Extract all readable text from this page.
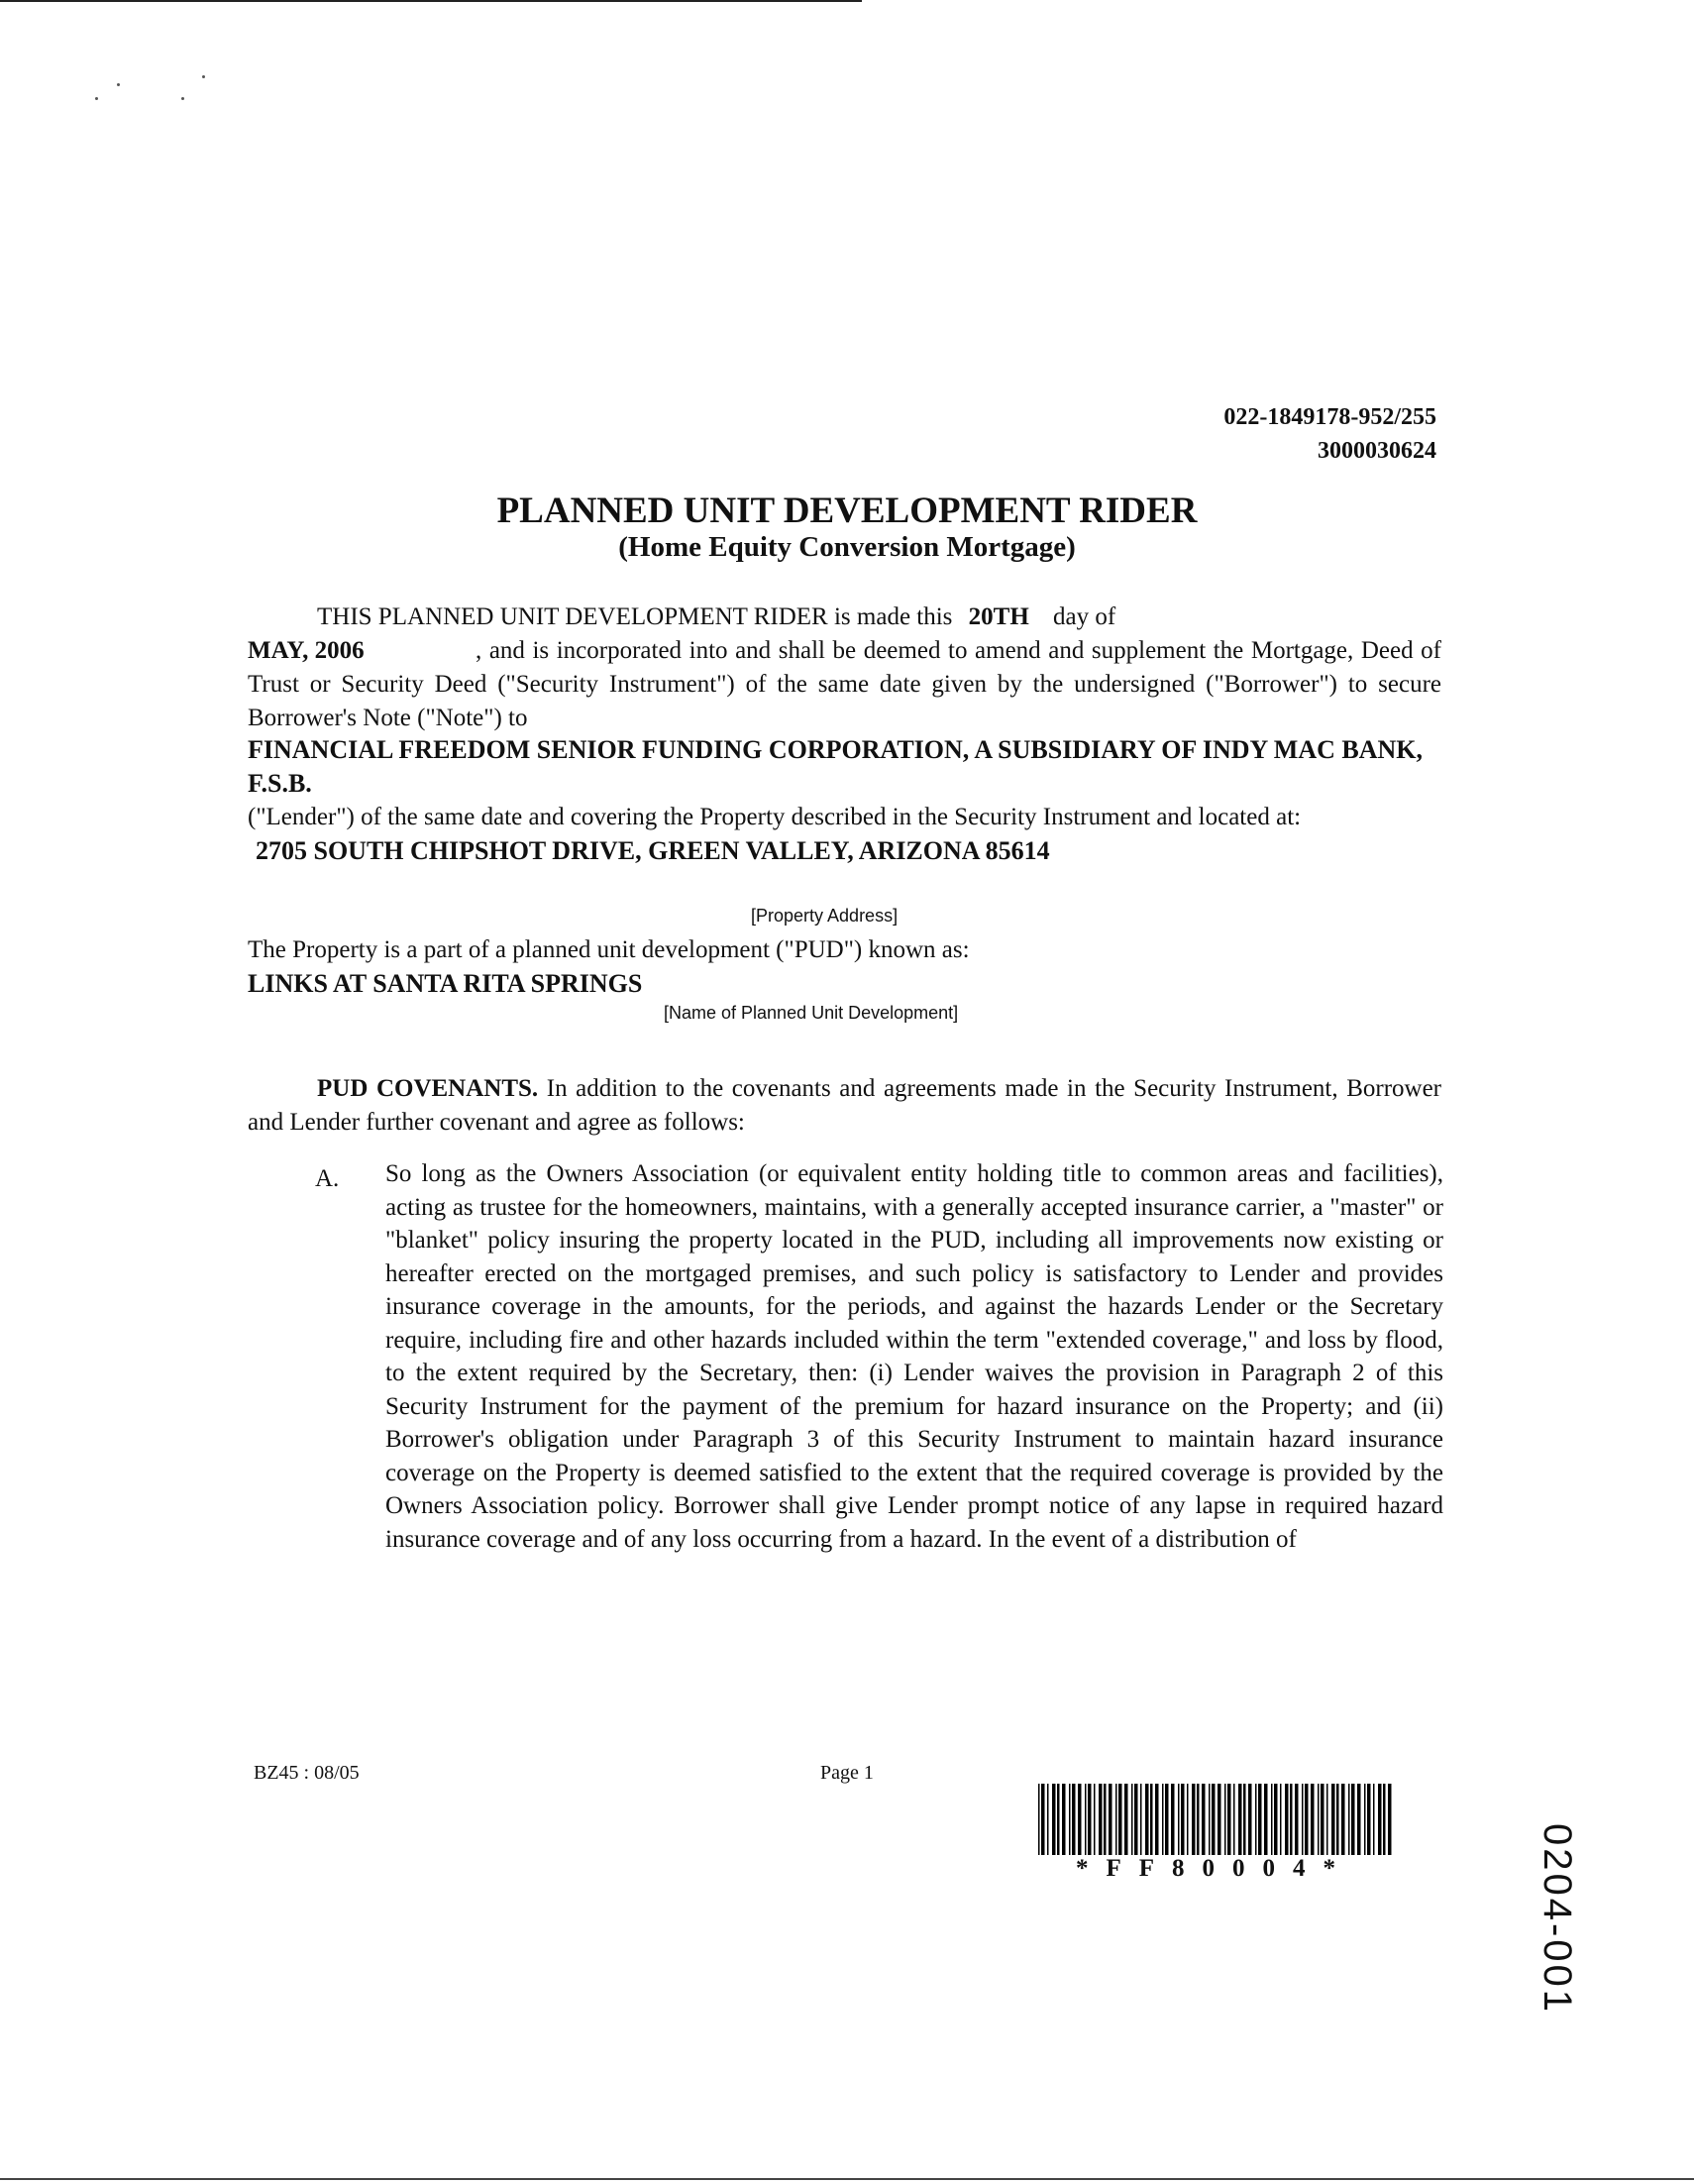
022-1849178-952/255
3000030624
PLANNED UNIT DEVELOPMENT RIDER
(Home Equity Conversion Mortgage)
THIS PLANNED UNIT DEVELOPMENT RIDER is made this 20TH day of
MAY, 2006	, and is incorporated into and shall be deemed to amend and supplement the Mortgage, Deed of Trust or Security Deed ("Security Instrument") of the same date given by the undersigned ("Borrower") to secure Borrower's Note ("Note") to
FINANCIAL FREEDOM SENIOR FUNDING CORPORATION, A SUBSIDIARY OF INDY MAC BANK, F.S.B.
("Lender") of the same date and covering the Property described in the Security Instrument and located at:
2705 SOUTH CHIPSHOT DRIVE, GREEN VALLEY, ARIZONA 85614
[Property Address]
The Property is a part of a planned unit development ("PUD") known as:
LINKS AT SANTA RITA SPRINGS
[Name of Planned Unit Development]
PUD COVENANTS. In addition to the covenants and agreements made in the Security Instrument, Borrower and Lender further covenant and agree as follows:
A. So long as the Owners Association (or equivalent entity holding title to common areas and facilities), acting as trustee for the homeowners, maintains, with a generally accepted insurance carrier, a "master" or "blanket" policy insuring the property located in the PUD, including all improvements now existing or hereafter erected on the mortgaged premises, and such policy is satisfactory to Lender and provides insurance coverage in the amounts, for the periods, and against the hazards Lender or the Secretary require, including fire and other hazards included within the term "extended coverage," and loss by flood, to the extent required by the Secretary, then: (i) Lender waives the provision in Paragraph 2 of this Security Instrument for the payment of the premium for hazard insurance on the Property; and (ii) Borrower's obligation under Paragraph 3 of this Security Instrument to maintain hazard insurance coverage on the Property is deemed satisfied to the extent that the required coverage is provided by the Owners Association policy. Borrower shall give Lender prompt notice of any lapse in required hazard insurance coverage and of any loss occurring from a hazard. In the event of a distribution of
BZ45 : 08/05	Page 1
*FF80004*	0204-001
